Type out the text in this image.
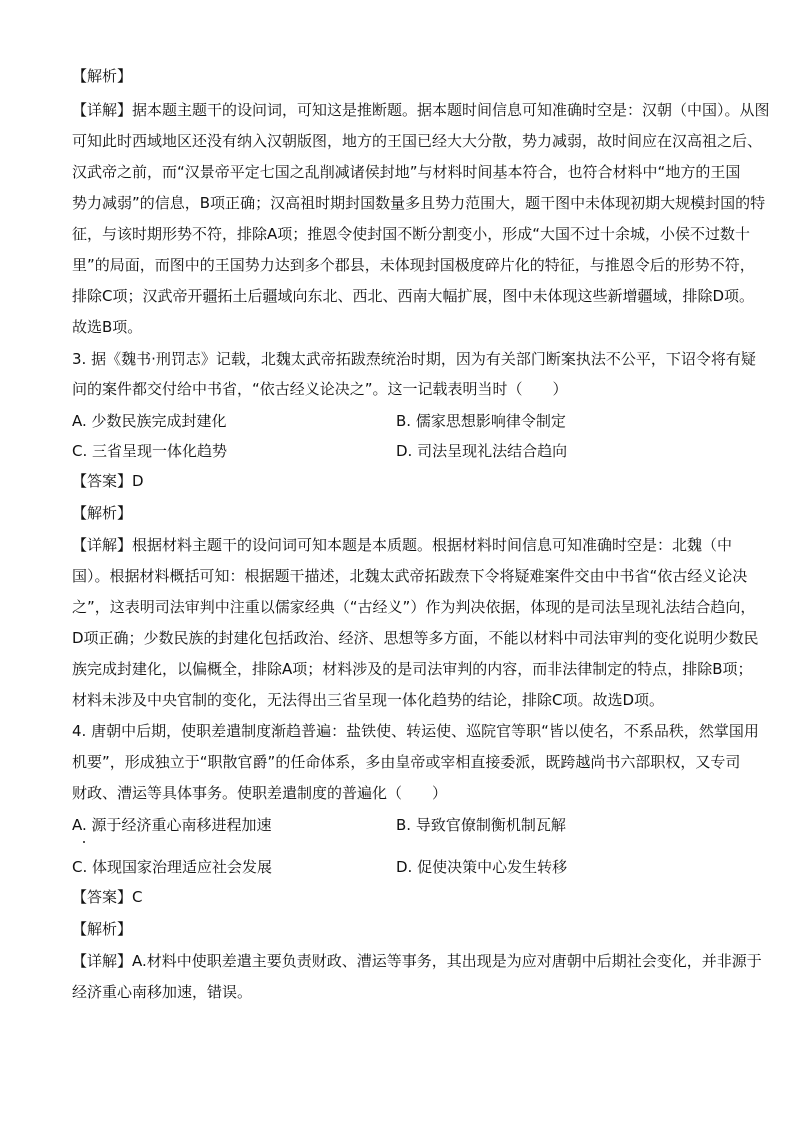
【解析】
【详解】据本题主题干的设问词，可知这是推断题。据本题时间信息可知准确时空是：汉朝（中国）。从图
可知此时西域地区还没有纳入汉朝版图，地方的王国已经大大分散，势力减弱，故时间应在汉高祖之后、
汉武帝之前，而“汉景帝平定七国之乱削减诸侯封地”与材料时间基本符合，也符合材料中“地方的王国
势力减弱”的信息，B项正确；汉高祖时期封国数量多且势力范围大，题干图中未体现初期大规模封国的特
征，与该时期形势不符，排除A项；推恩令使封国不断分割变小，形成“大国不过十余城，小侯不过数十
里”的局面，而图中的王国势力达到多个郡县，未体现封国极度碎片化的特征，与推恩令后的形势不符，
排除C项；汉武帝开疆拓土后疆域向东北、西北、西南大幅扩展，图中未体现这些新增疆域，排除D项。
故选B项。
3. 据《魏书·刑罚志》记载，北魏太武帝拓跋焘统治时期，因为有关部门断案执法不公平，下诏令将有疑
问的案件都交付给中书省，“依古经义论决之”。这一记载表明当时（　　）
A. 少数民族完成封建化	B. 儒家思想影响律令制定
C. 三省呈现一体化趋势	D. 司法呈现礼法结合趋向
【答案】D
【解析】
【详解】根据材料主题干的设问词可知本题是本质题。根据材料时间信息可知准确时空是：北魏（中
国）。根据材料概括可知：根据题干描述，北魏太武帝拓跋焘下令将疑难案件交由中书省“依古经义论决
之”，这表明司法审判中注重以儒家经典（“古经义”）作为判决依据，体现的是司法呈现礼法结合趋向，
D项正确；少数民族的封建化包括政治、经济、思想等多方面，不能以材料中司法审判的变化说明少数民
族完成封建化，以偏概全，排除A项；材料涉及的是司法审判的内容，而非法律制定的特点，排除B项；
材料未涉及中央官制的变化，无法得出三省呈现一体化趋势的结论，排除C项。故选D项。
4. 唐朝中后期，使职差遣制度渐趋普遍：盐铁使、转运使、巡院官等职“皆以使名，不系品秩，然掌国用
机要”，形成独立于“职散官爵”的任命体系，多由皇帝或宰相直接委派，既跨越尚书六部职权，又专司
财政、漕运等具体事务。使职差遣制度的普遍化（　　）
A. 源于经济重心南移进程加速	B. 导致官僚制衡机制瓦解
C. 体现国家治理适应社会发展	D. 促使决策中心发生转移
【答案】C
【解析】
【详解】A.材料中使职差遣主要负责财政、漕运等事务，其出现是为应对唐朝中后期社会变化，并非源于
经济重心南移加速，错误。
